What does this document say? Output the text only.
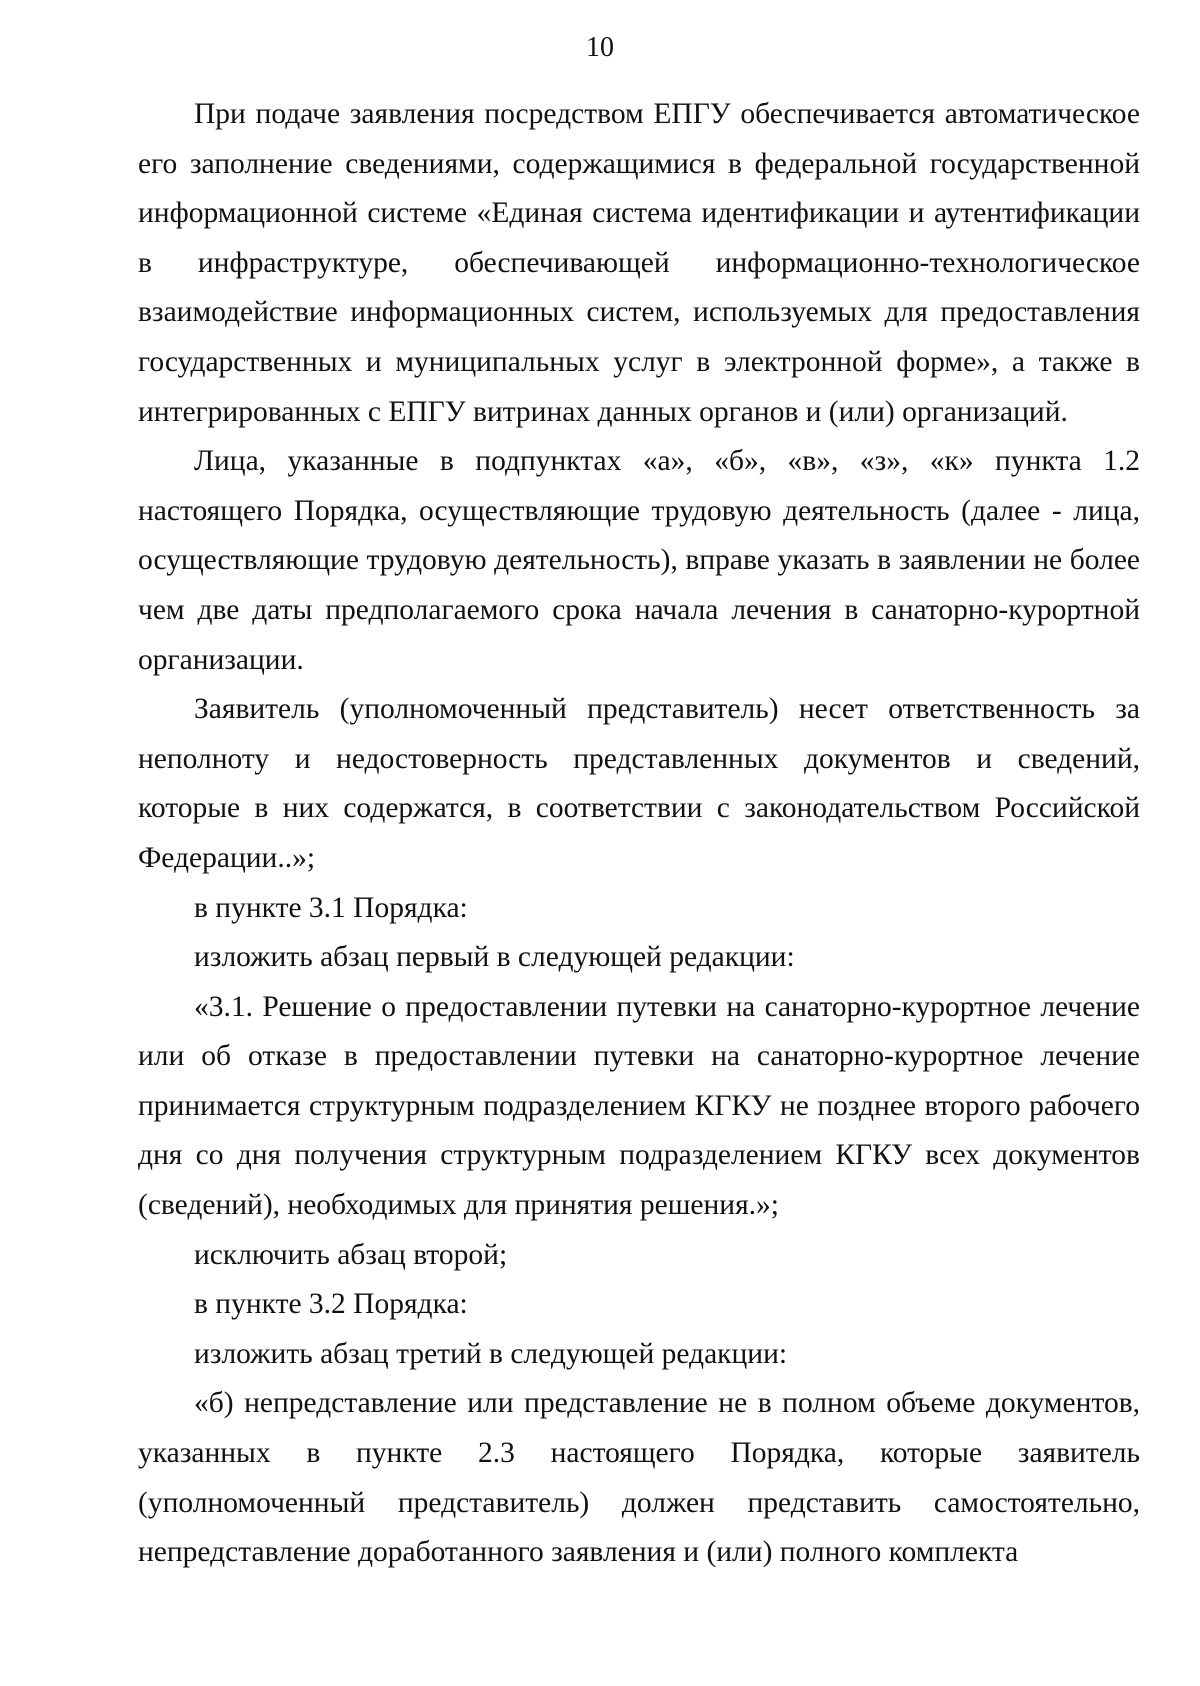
10

При подаче заявления посредством ЕПГУ обеспечивается автоматическое его заполнение сведениями, содержащимися в федеральной государственной информационной системе «Единая система идентификации и аутентификации в инфраструктуре, обеспечивающей информационно-технологическое взаимодействие информационных систем, используемых для предоставления государственных и муниципальных услуг в электронной форме», а также в интегрированных с ЕПГУ витринах данных органов и (или) организаций.

Лица, указанные в подпунктах «а», «б», «в», «з», «к» пункта 1.2 настоящего Порядка, осуществляющие трудовую деятельность (далее - лица, осуществляющие трудовую деятельность), вправе указать в заявлении не более чем две даты предполагаемого срока начала лечения в санаторно-курортной организации.

Заявитель (уполномоченный представитель) несет ответственность за неполноту и недостоверность представленных документов и сведений, которые в них содержатся, в соответствии с законодательством Российской Федерации..»;

в пункте 3.1 Порядка:

изложить абзац первый в следующей редакции:

«3.1. Решение о предоставлении путевки на санаторно-курортное лечение или об отказе в предоставлении путевки на санаторно-курортное лечение принимается структурным подразделением КГКУ не позднее второго рабочего дня со дня получения структурным подразделением КГКУ всех документов (сведений), необходимых для принятия решения.»;

исключить абзац второй;

в пункте 3.2 Порядка:

изложить абзац третий в следующей редакции:

«б) непредставление или представление не в полном объеме документов, указанных в пункте 2.3 настоящего Порядка, которые заявитель (уполномоченный представитель) должен представить самостоятельно, непредставление доработанного заявления и (или) полного комплекта
